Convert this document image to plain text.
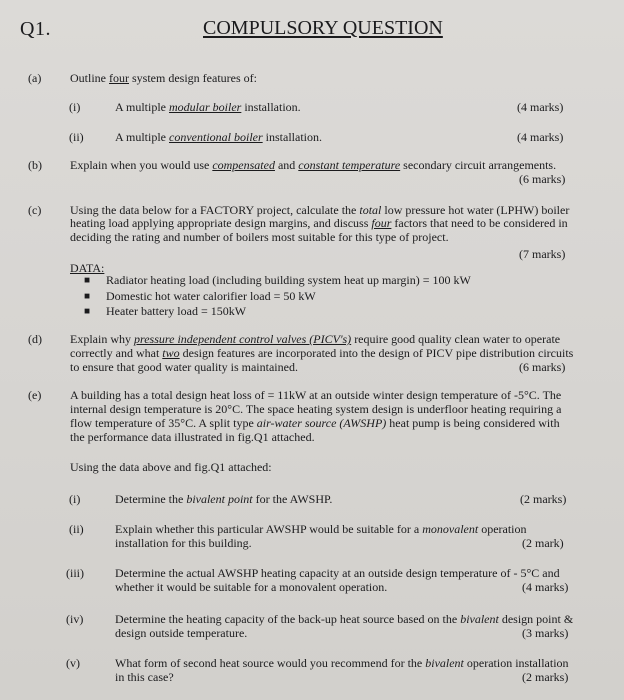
Q1.	COMPULSORY QUESTION
(a) Outline four system design features of:
(i)	A multiple modular boiler installation.	(4 marks)
(ii)	A multiple conventional boiler installation.	(4 marks)
(b) Explain when you would use compensated and constant temperature secondary circuit arrangements.
(6 marks)
(c) Using the data below for a FACTORY project, calculate the total low pressure hot water (LPHW) boiler
heating load applying appropriate design margins, and discuss four factors that need to be considered in
deciding the rating and number of boilers most suitable for this type of project.
(7 marks)
DATA:
■ Radiator heating load (including building system heat up margin) = 100 kW
■ Domestic hot water calorifier load = 50 kW
■ Heater battery load = 150kW
(d) Explain why pressure independent control valves (PICV's) require good quality clean water to operate
correctly and what two design features are incorporated into the design of PICV pipe distribution circuits
to ensure that good water quality is maintained.	(6 marks)
(e) A building has a total design heat loss of = 11kW at an outside winter design temperature of -5°C. The
internal design temperature is 20°C. The space heating system design is underfloor heating requiring a
flow temperature of 35°C. A split type air-water source (AWSHP) heat pump is being considered with
the performance data illustrated in fig.Q1 attached.
Using the data above and fig.Q1 attached:
(i)	Determine the bivalent point for the AWSHP.	(2 marks)
(ii)	Explain whether this particular AWSHP would be suitable for a monovalent operation
installation for this building.	(2 mark)
(iii)	Determine the actual AWSHP heating capacity at an outside design temperature of - 5°C and
whether it would be suitable for a monovalent operation.	(4 marks)
(iv)	Determine the heating capacity of the back-up heat source based on the bivalent design point &
design outside temperature.	(3 marks)
(v)	What form of second heat source would you recommend for the bivalent operation installation
in this case?	(2 marks)
